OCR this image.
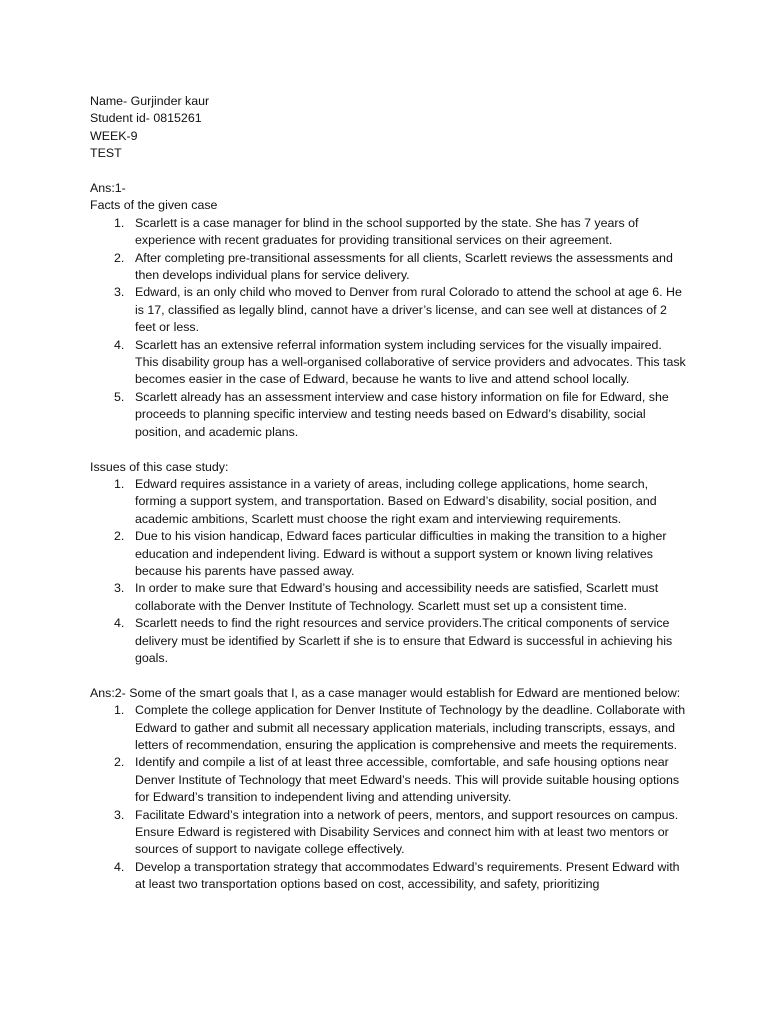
Name- Gurjinder kaur

Student id- 0815261

WEEK-9

TEST

Ans:1-

Facts of the given case

1. Scarlett is a case manager for blind in the school supported by the state. She has 7 years of experience with recent graduates for providing transitional services on their agreement.
2. After completing pre-transitional assessments for all clients, Scarlett reviews the assessments and then develops individual plans for service delivery.
3. Edward, is an only child who moved to Denver from rural Colorado to attend the school at age 6. He is 17, classified as legally blind, cannot have a driver’s license, and can see well at distances of 2 feet or less.
4. Scarlett has an extensive referral information system including services for the visually impaired. This disability group has a well-organised collaborative of service providers and advocates. This task becomes easier in the case of Edward, because he wants to live and attend school locally.
5. Scarlett already has an assessment interview and case history information on file for Edward, she proceeds to planning specific interview and testing needs based on Edward’s disability, social position, and academic plans.

Issues of this case study:

1. Edward requires assistance in a variety of areas, including college applications, home search, forming a support system, and transportation. Based on Edward’s disability, social position, and academic ambitions, Scarlett must choose the right exam and interviewing requirements.
2. Due to his vision handicap, Edward faces particular difficulties in making the transition to a higher education and independent living. Edward is without a support system or known living relatives because his parents have passed away.
3. In order to make sure that Edward’s housing and accessibility needs are satisfied, Scarlett must collaborate with the Denver Institute of Technology. Scarlett must set up a consistent time.
4. Scarlett needs to find the right resources and service providers.The critical components of service delivery must be identified by Scarlett if she is to ensure that Edward is successful in achieving his goals.

Ans:2- Some of the smart goals that I, as a case manager would establish for Edward are mentioned below:

1. Complete the college application for Denver Institute of Technology by the deadline. Collaborate with Edward to gather and submit all necessary application materials, including transcripts, essays, and letters of recommendation, ensuring the application is comprehensive and meets the requirements.
2. Identify and compile a list of at least three accessible, comfortable, and safe housing options near Denver Institute of Technology that meet Edward’s needs. This will provide suitable housing options for Edward’s transition to independent living and attending university.
3. Facilitate Edward’s integration into a network of peers, mentors, and support resources on campus. Ensure Edward is registered with Disability Services and connect him with at least two mentors or sources of support to navigate college effectively.
4. Develop a transportation strategy that accommodates Edward’s requirements. Present Edward with at least two transportation options based on cost, accessibility, and safety, prioritizing
